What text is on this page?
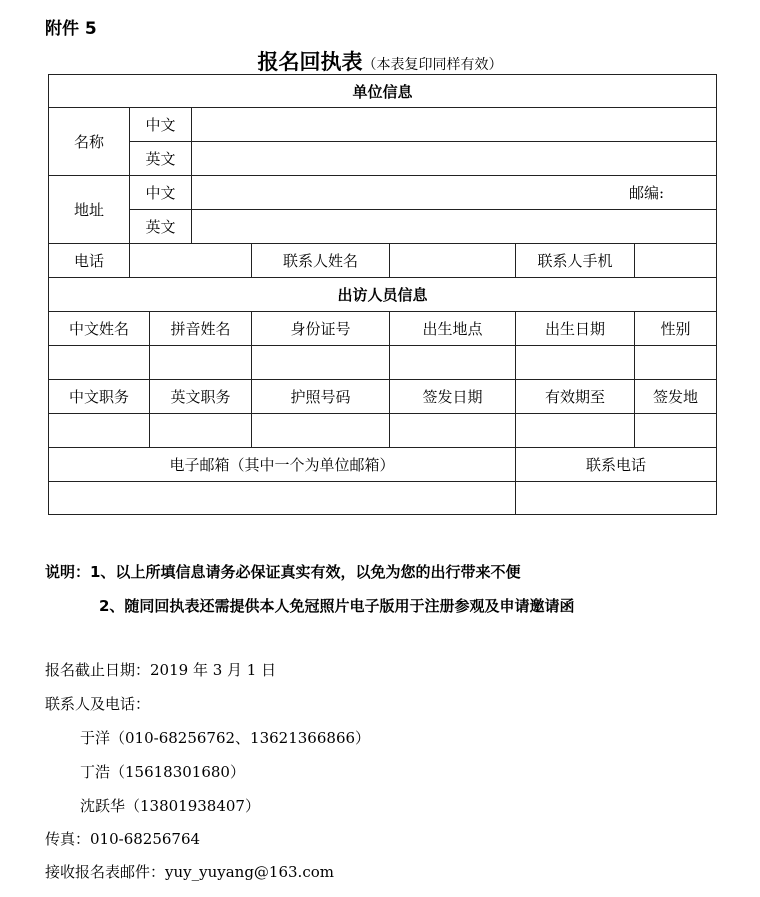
附件 5
报名回执表（本表复印同样有效）
单位信息							
名称	中文						
	英文						
地址	中文		邮编:				

	英文						
电话				联系人姓名		联系人手机	
出访人员信息							
中文姓名		拼音姓名		身份证号	出生地点	出生日期	性别

中文职务		英文职务		护照号码	签发日期	有效期至	签发地

电子邮箱（其中一个为单位邮箱）						联系电话	

说明：1、以上所填信息请务必保证真实有效，以免为您的出行带来不便
2、随同回执表还需提供本人免冠照片电子版用于注册参观及申请邀请函
报名截止日期：2019 年 3 月 1 日
联系人及电话：
于洋（010-68256762、13621366866）
丁浩（15618301680）
沈跃华（13801938407）
传真：010-68256764
接收报名表邮件：yuy_yuyang@163.com
